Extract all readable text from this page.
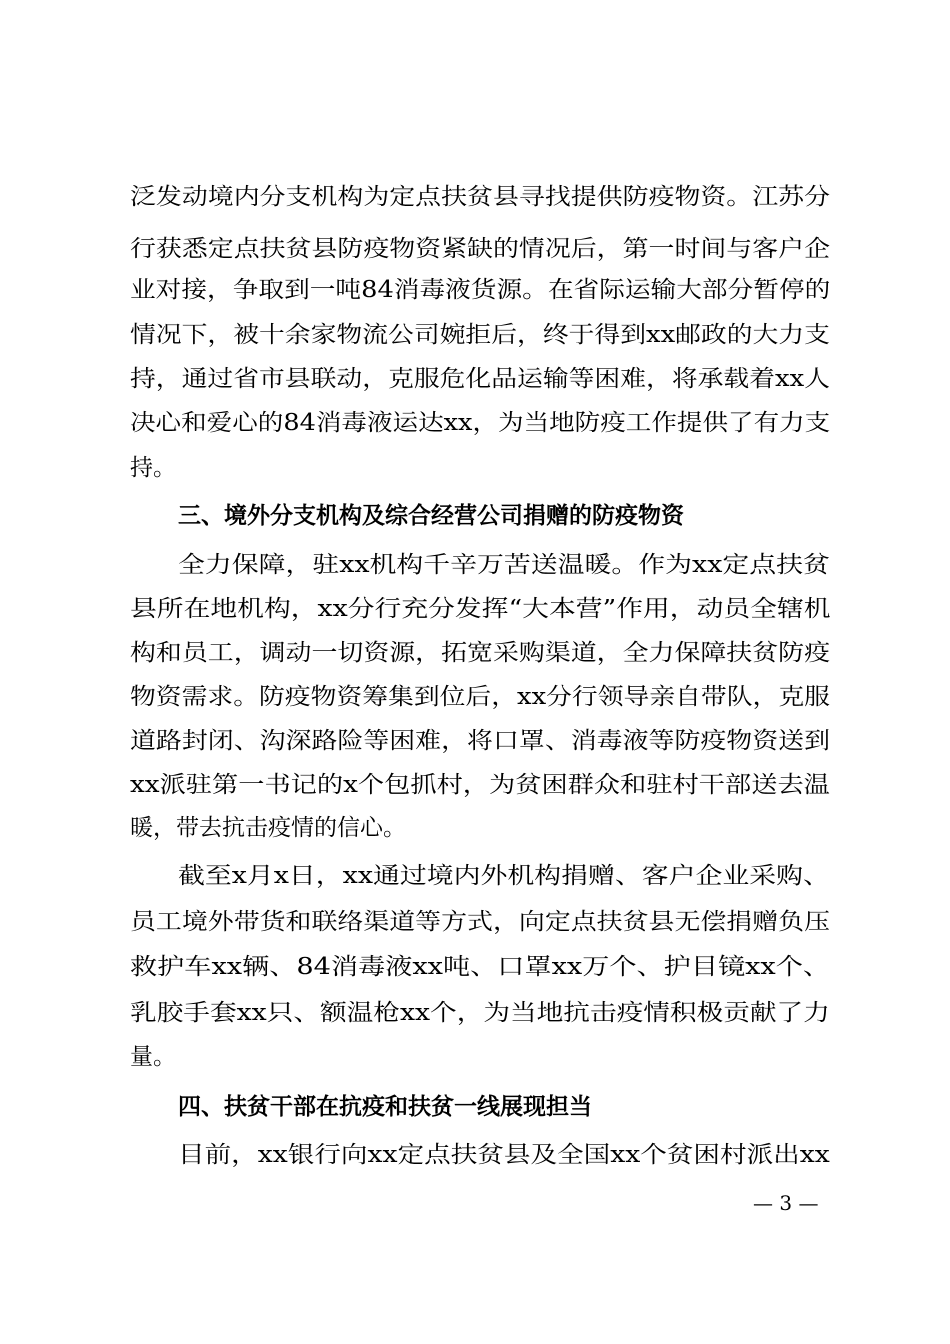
泛发动境内分支机构为定点扶贫县寻找提供防疫物资。江苏分
行获悉定点扶贫县防疫物资紧缺的情况后，第一时间与客户企
业对接，争取到一吨84消毒液货源。在省际运输大部分暂停的
情况下，被十余家物流公司婉拒后，终于得到xx邮政的大力支
持，通过省市县联动，克服危化品运输等困难，将承载着xx人
决心和爱心的84消毒液运达xx，为当地防疫工作提供了有力支
持。
三、境外分支机构及综合经营公司捐赠的防疫物资
全力保障，驻xx机构千辛万苦送温暖。作为xx定点扶贫
县所在地机构，xx分行充分发挥“大本营”作用，动员全辖机
构和员工，调动一切资源，拓宽采购渠道，全力保障扶贫防疫
物资需求。防疫物资筹集到位后，xx分行领导亲自带队，克服
道路封闭、沟深路险等困难，将口罩、消毒液等防疫物资送到
xx派驻第一书记的x个包抓村，为贫困群众和驻村干部送去温
暖，带去抗击疫情的信心。
截至x月x日，xx通过境内外机构捐赠、客户企业采购、
员工境外带货和联络渠道等方式，向定点扶贫县无偿捐赠负压
救护车xx辆、84消毒液xx吨、口罩xx万个、护目镜xx个、
乳胶手套xx只、额温枪xx个，为当地抗击疫情积极贡献了力
量。
四、扶贫干部在抗疫和扶贫一线展现担当
目前，xx银行向xx定点扶贫县及全国xx个贫困村派出xx
— 3 —
